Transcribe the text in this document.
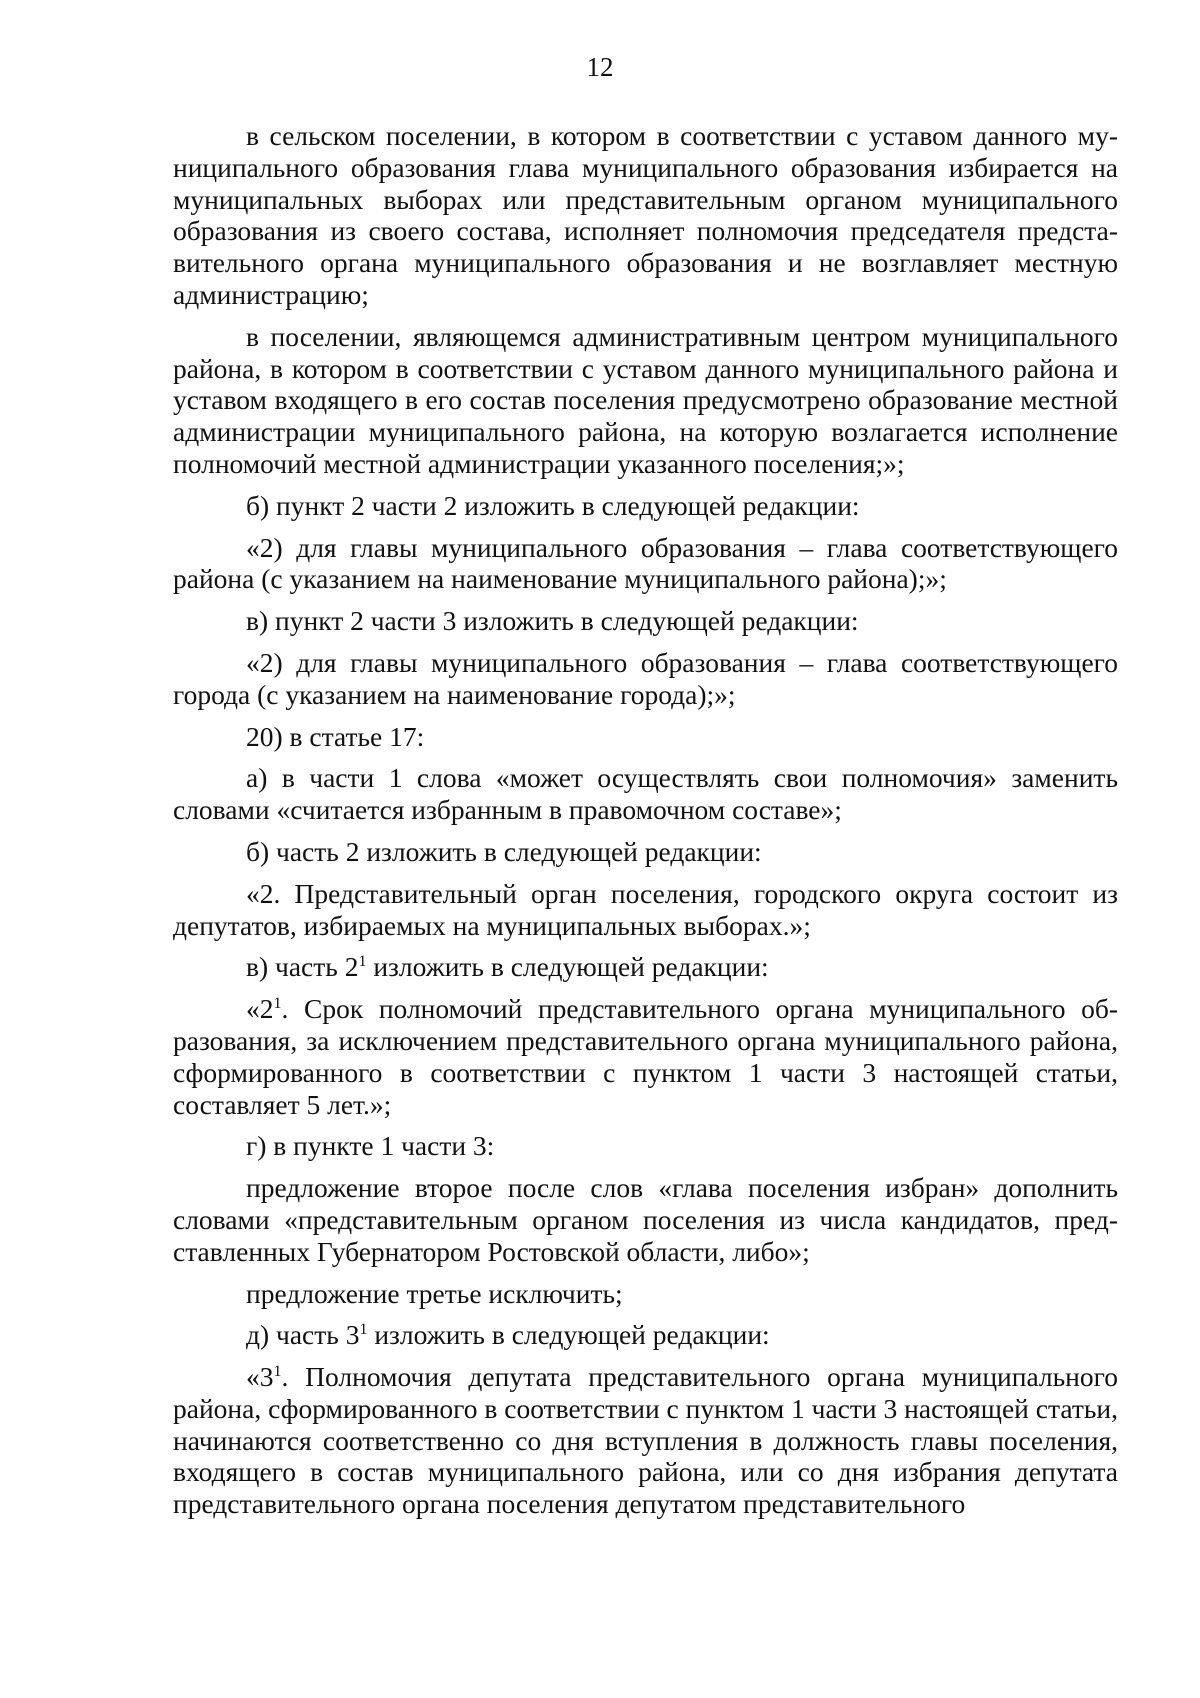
12

в сельском поселении, в котором в соответствии с уставом данного муниципального образования глава муниципального образования избирается на муниципальных выборах или представительным органом муниципального образования из своего состава, исполняет полномочия председателя представительного органа муниципального образования и не возглавляет местную администрацию;

в поселении, являющемся административным центром муниципального района, в котором в соответствии с уставом данного муниципального района и уставом входящего в его состав поселения предусмотрено образование местной администрации муниципального района, на которую возлагается исполнение полномочий местной администрации указанного поселения;»;

б) пункт 2 части 2 изложить в следующей редакции:

«2) для главы муниципального образования – глава соответствующего района (с указанием на наименование муниципального района);»;

в) пункт 2 части 3 изложить в следующей редакции:

«2) для главы муниципального образования – глава соответствующего города (с указанием на наименование города);»;

20) в статье 17:

а) в части 1 слова «может осуществлять свои полномочия» заменить словами «считается избранным в правомочном составе»;

б) часть 2 изложить в следующей редакции:

«2. Представительный орган поселения, городского округа состоит из депутатов, избираемых на муниципальных выборах.»;

в) часть $2^1$ изложить в следующей редакции:

«$2^1$. Срок полномочий представительного органа муниципального образования, за исключением представительного органа муниципального района, сформированного в соответствии с пунктом 1 части 3 настоящей статьи, составляет 5 лет.»;

г) в пункте 1 части 3:

предложение второе после слов «глава поселения избран» дополнить словами «представительным органом поселения из числа кандидатов, представленных Губернатором Ростовской области, либо»;

предложение третье исключить;

д) часть $3^1$ изложить в следующей редакции:

«$3^1$. Полномочия депутата представительного органа муниципального района, сформированного в соответствии с пунктом 1 части 3 настоящей статьи, начинаются соответственно со дня вступления в должность главы поселения, входящего в состав муниципального района, или со дня избрания депутата представительного органа поселения депутатом представительного
